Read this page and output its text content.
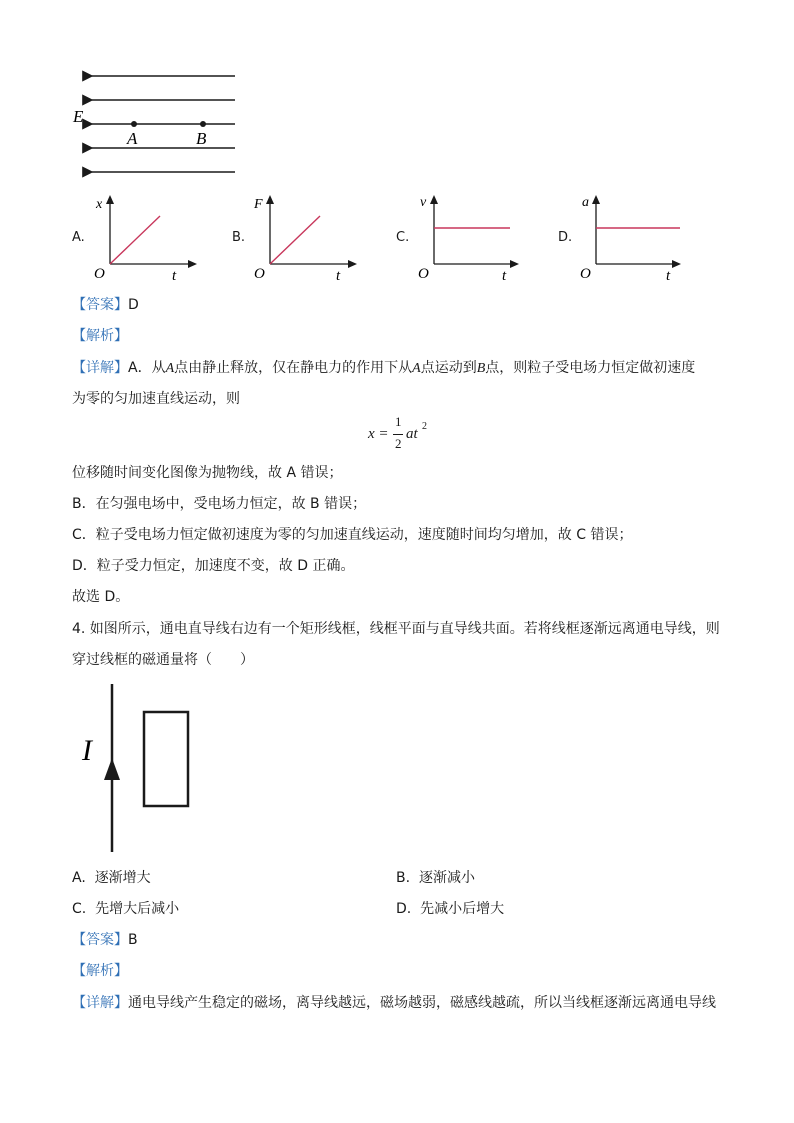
E
A	B
A.
x
O	t
B.
F
O	t
C.
v
O	t
D.
a
O	t
【答案】D
【解析】
【详解】A．从A点由静止释放，仅在静电力的作用下从A点运动到B点，则粒子受电场力恒定做初速度
为零的匀加速直线运动，则
x =
1
2
at 2
位移随时间变化图像为抛物线，故 A 错误；
B．在匀强电场中，受电场力恒定，故 B 错误；
C．粒子受电场力恒定做初速度为零的匀加速直线运动，速度随时间均匀增加，故 C 错误；
D．粒子受力恒定，加速度不变，故 D 正确。
故选 D。
4. 如图所示，通电直导线右边有一个矩形线框，线框平面与直导线共面。若将线框逐渐远离通电导线，则
穿过线框的磁通量将（　　）
I
A. 逐渐增大	B. 逐渐减小
C. 先增大后减小	D. 先减小后增大
【答案】B
【解析】
【详解】通电导线产生稳定的磁场，离导线越远，磁场越弱，磁感线越疏，所以当线框逐渐远离通电导线
